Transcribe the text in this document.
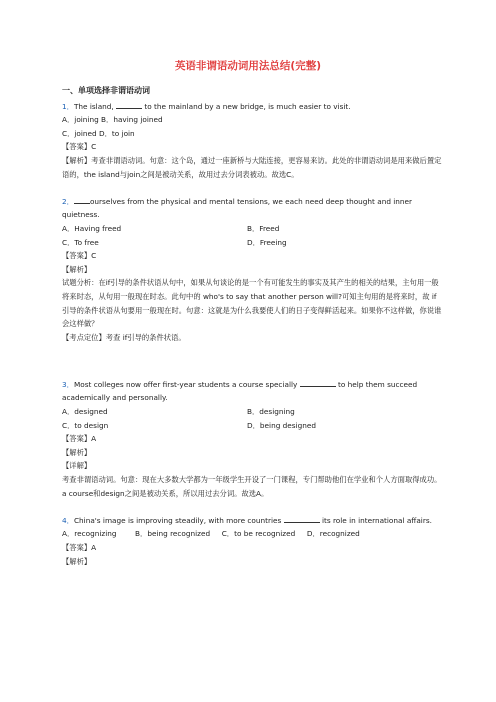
英语非谓语动词用法总结(完整)

一、单项选择非谓语动词

1．The island,	to the mainland by a new bridge, is much easier to visit.

A．joining B．having joined

C．joined D．to join

【答案】C

【解析】考查非谓语动词。句意：这个岛，通过一座新桥与大陆连接，更容易来访。此处的非谓语动词是用来做后置定语的，the island与join之间是被动关系，故用过去分词表被动。故选C。

2． ourselves from the physical and mental tensions, we each need deep thought and inner quietness.

A．Having freed	B．Freed
C．To free	D．Freeing

【答案】C

【解析】

试题分析：在if引导的条件状语从句中，如果从句谈论的是一个有可能发生的事实及其产生的相关的结果，主句用一般将来时态，从句用一般现在时态。此句中的 who's to say that another person will?可知主句用的是将来时，故 if引导的条件状语从句要用一般现在时。句意：这就是为什么我要使人们的日子变得鲜活起来。如果你不这样做，你说谁会这样做？

【考点定位】考查 if引导的条件状语。

3．Most colleges now offer first-year students a course specially	to help them succeed academically and personally.

A．designed	B．designing
C．to design	D．being designed

【答案】A

【解析】

【详解】

考查非谓语动词。句意：现在大多数大学都为一年级学生开设了一门课程，专门帮助他们在学业和个人方面取得成功。a course和design之间是被动关系，所以用过去分词。故选A。

4．China's image is improving steadily, with more countries	its role in international affairs.

A．recognizing        B．being recognized     C．to be recognized     D．recognized

【答案】A

【解析】
